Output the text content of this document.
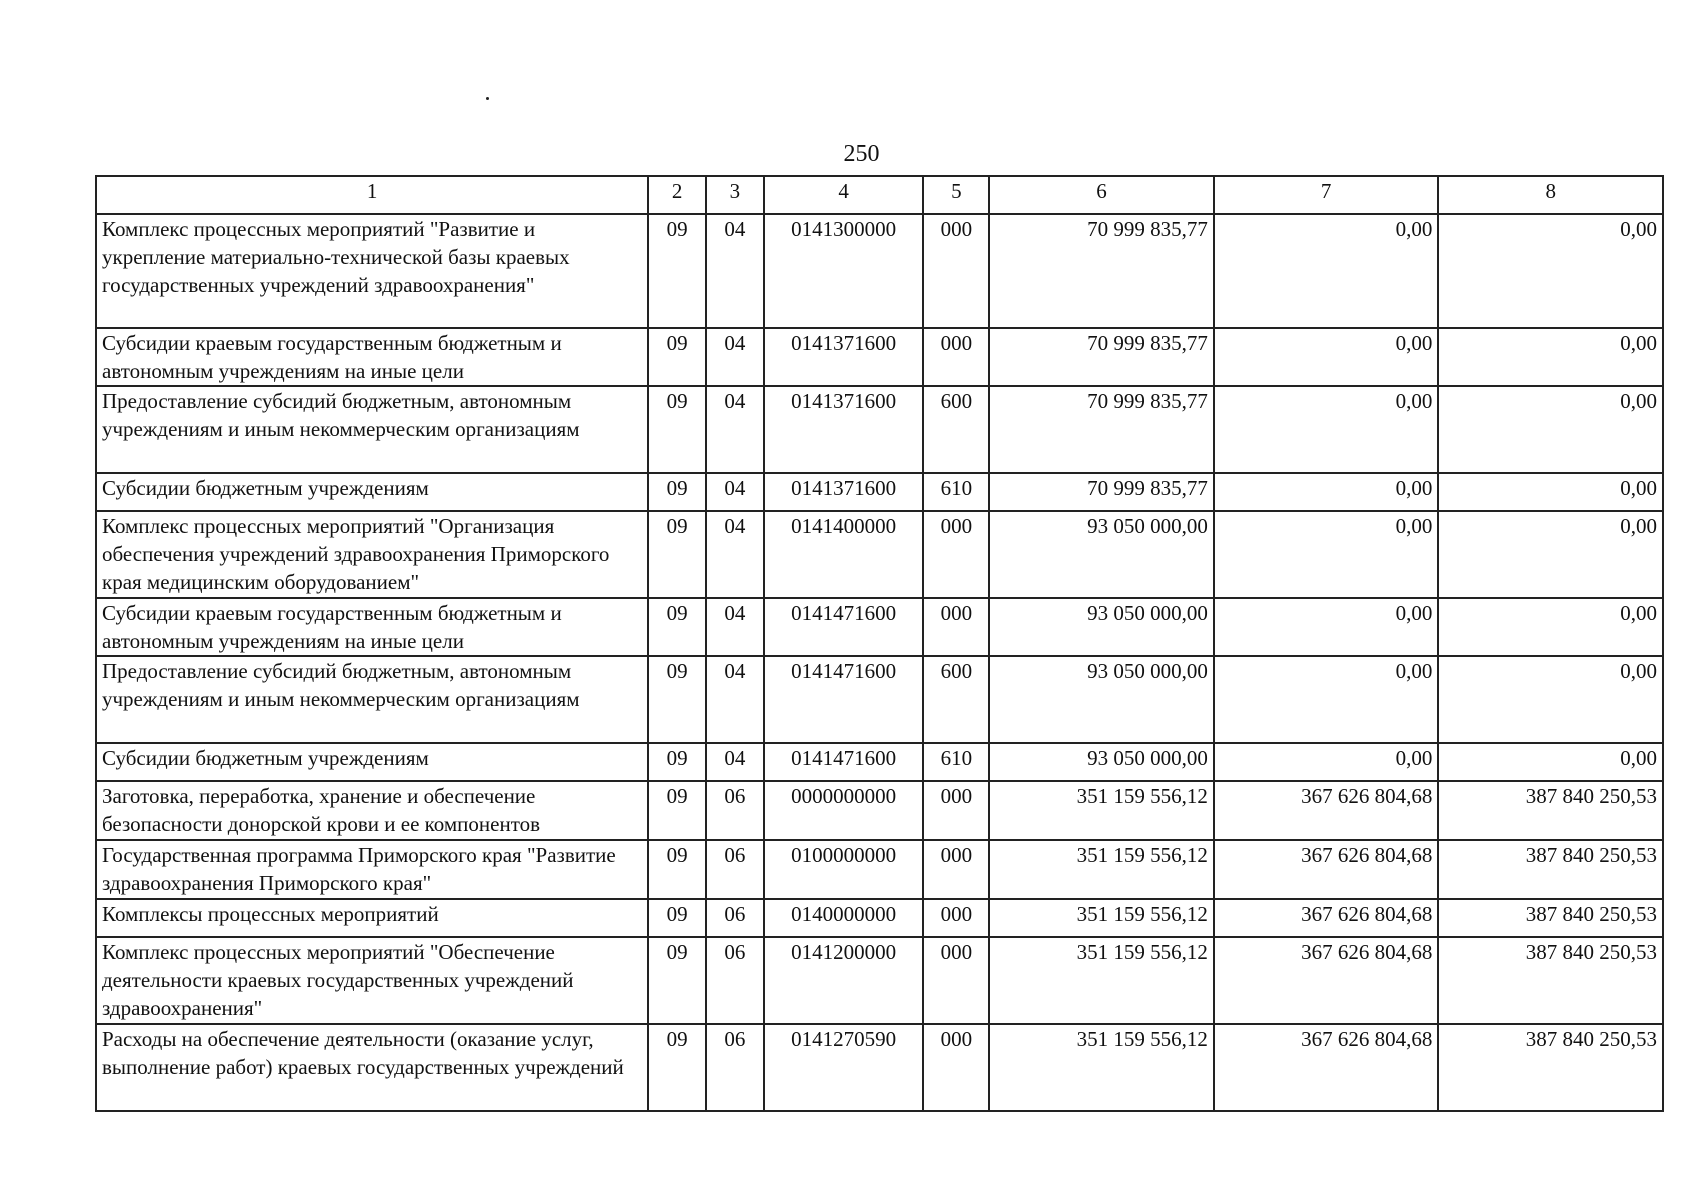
250
1	2	3	4	5	6	7	8
Комплекс процессных мероприятий "Развитие и укрепление материально-технической базы краевых государственных учреждений здравоохранения"	09	04	0141300000	000	70 999 835,77	0,00	0,00
Субсидии краевым государственным бюджетным и автономным учреждениям на иные цели	09	04	0141371600	000	70 999 835,77	0,00	0,00
Предоставление субсидий бюджетным, автономным учреждениям и иным некоммерческим организациям	09	04	0141371600	600	70 999 835,77	0,00	0,00
Субсидии бюджетным учреждениям	09	04	0141371600	610	70 999 835,77	0,00	0,00
Комплекс процессных мероприятий "Организация обеспечения учреждений здравоохранения Приморского края медицинским оборудованием"	09	04	0141400000	000	93 050 000,00	0,00	0,00
Субсидии краевым государственным бюджетным и автономным учреждениям на иные цели	09	04	0141471600	000	93 050 000,00	0,00	0,00
Предоставление субсидий бюджетным, автономным учреждениям и иным некоммерческим организациям	09	04	0141471600	600	93 050 000,00	0,00	0,00
Субсидии бюджетным учреждениям	09	04	0141471600	610	93 050 000,00	0,00	0,00
Заготовка, переработка, хранение и обеспечение безопасности донорской крови и ее компонентов	09	06	0000000000	000	351 159 556,12	367 626 804,68	387 840 250,53
Государственная программа Приморского края "Развитие здравоохранения Приморского края"	09	06	0100000000	000	351 159 556,12	367 626 804,68	387 840 250,53
Комплексы процессных мероприятий	09	06	0140000000	000	351 159 556,12	367 626 804,68	387 840 250,53
Комплекс процессных мероприятий "Обеспечение деятельности краевых государственных учреждений здравоохранения"	09	06	0141200000	000	351 159 556,12	367 626 804,68	387 840 250,53
Расходы на обеспечение деятельности (оказание услуг, выполнение работ) краевых государственных учреждений	09	06	0141270590	000	351 159 556,12	367 626 804,68	387 840 250,53
